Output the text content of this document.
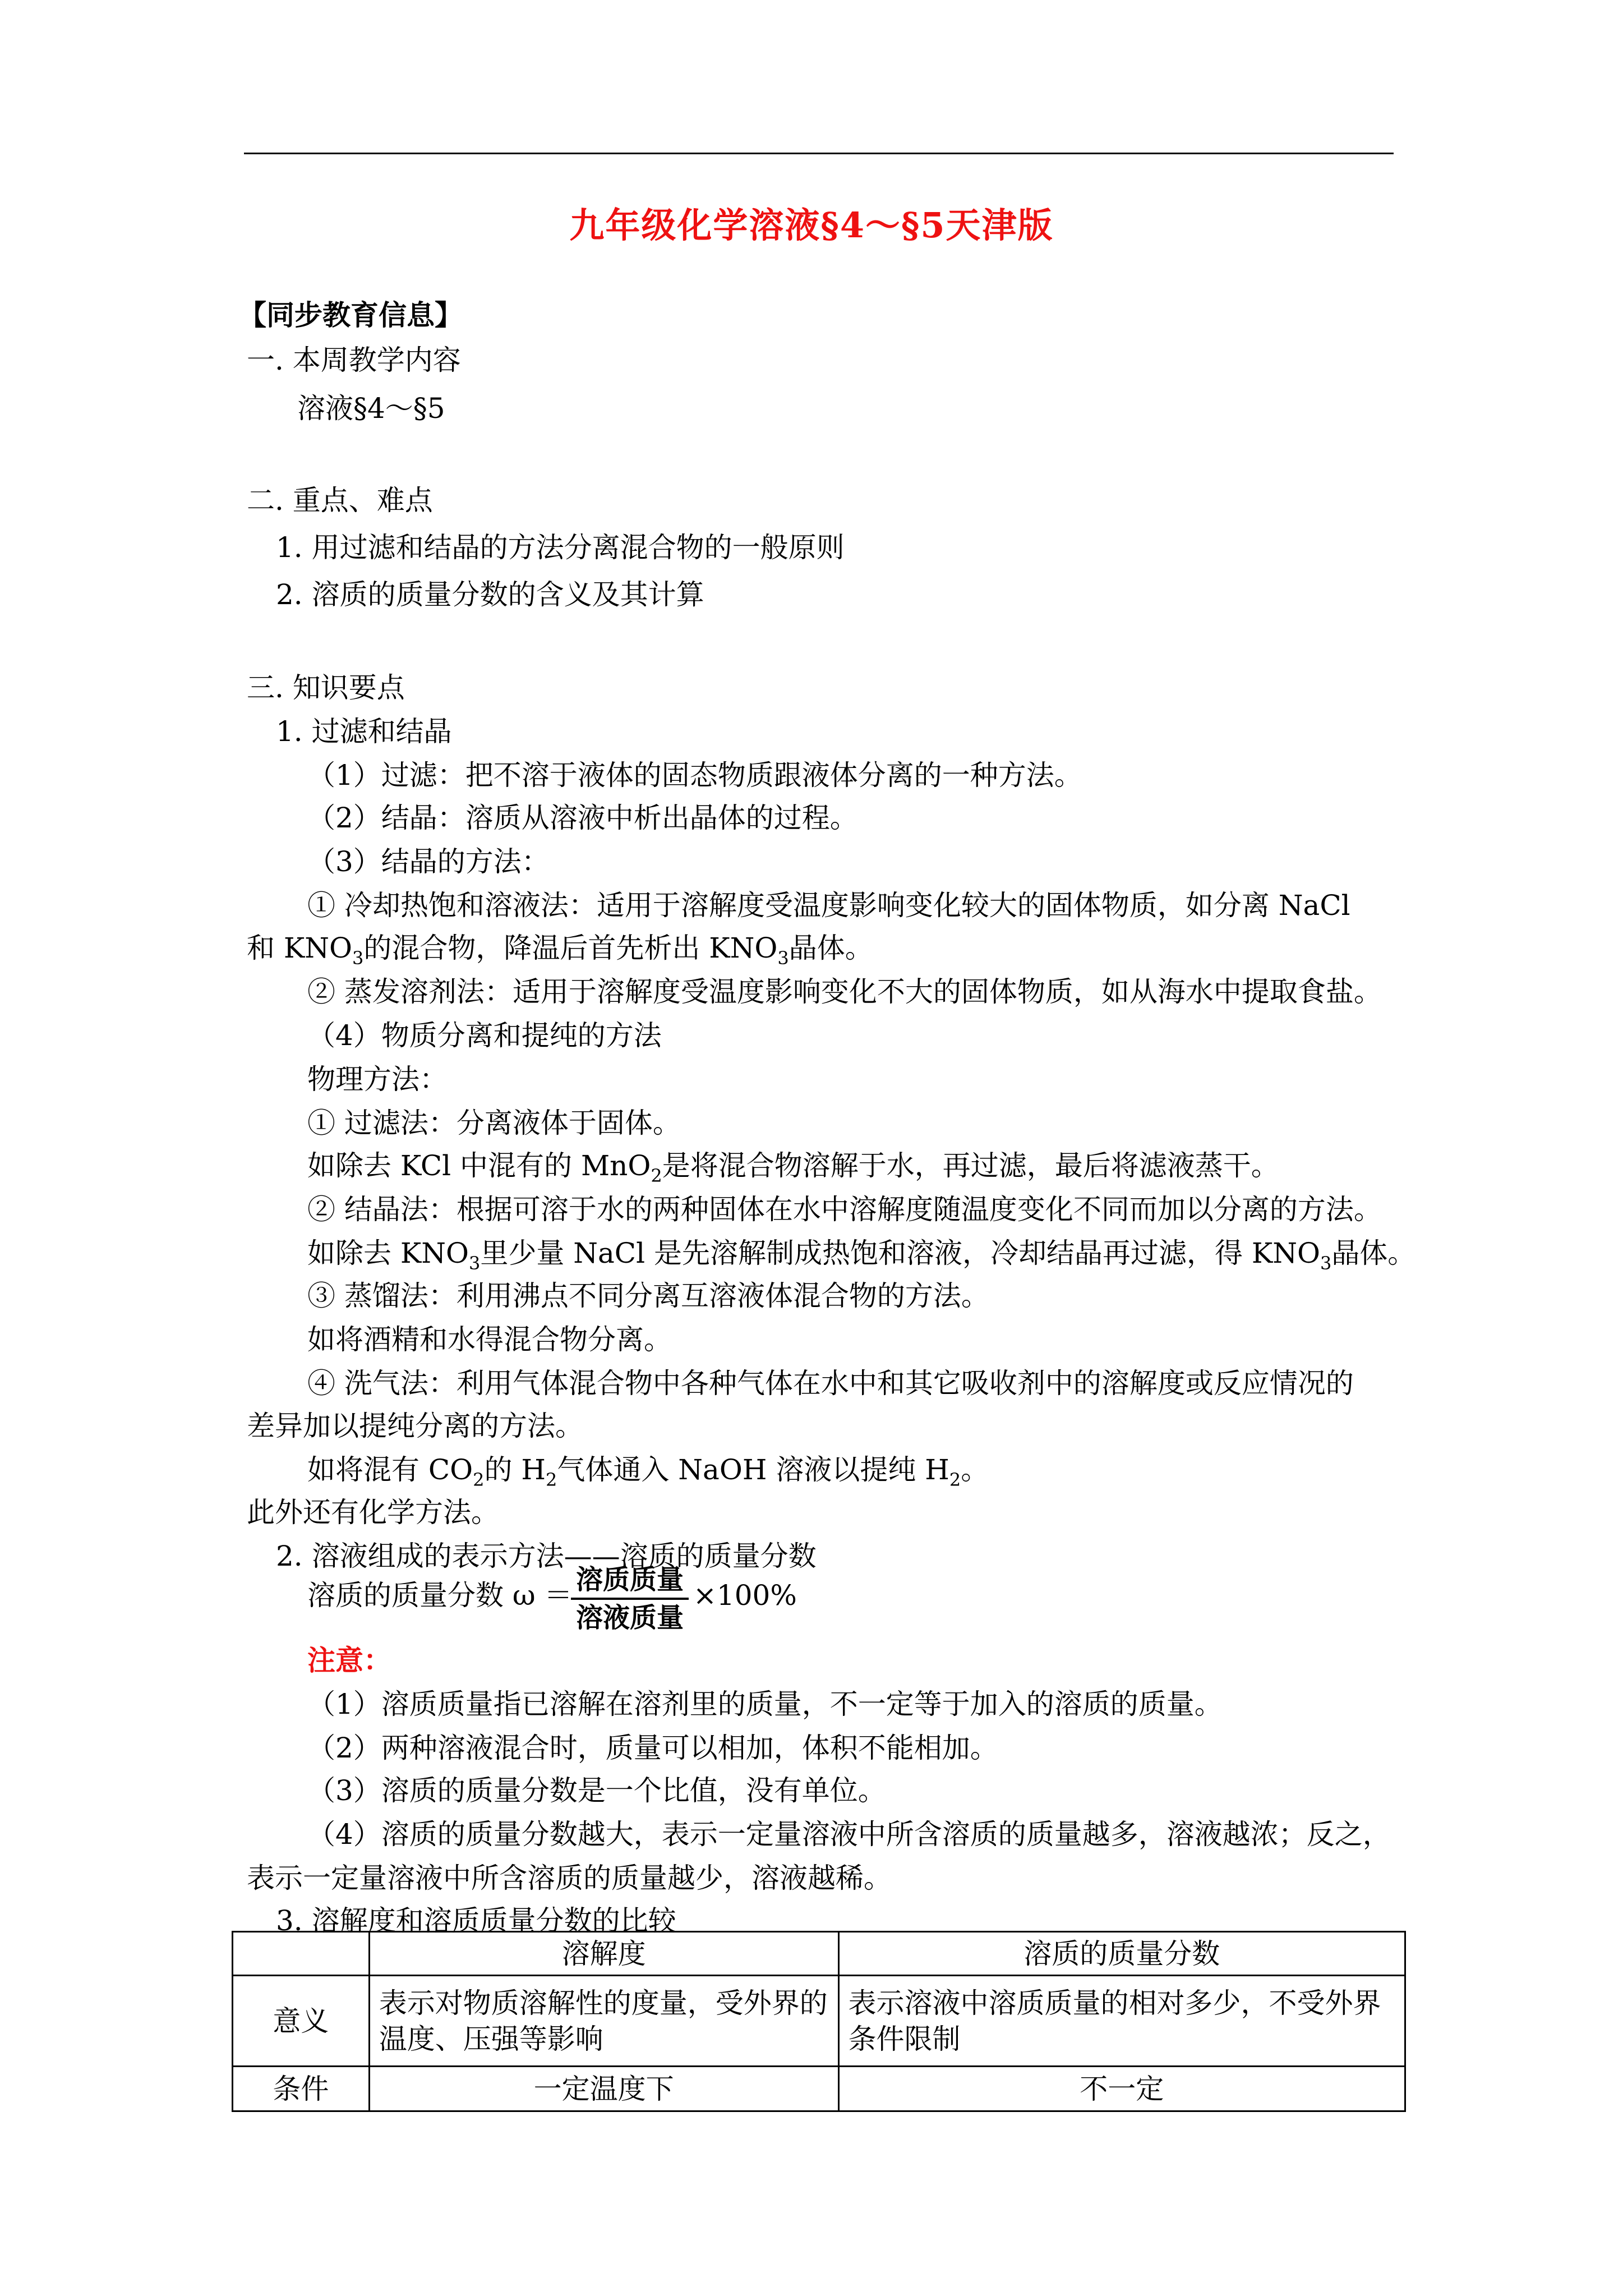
九年级化学溶液§4～§5天津版
【同步教育信息】
一. 本周教学内容
溶液§4～§5
二. 重点、难点
1. 用过滤和结晶的方法分离混合物的一般原则
2. 溶质的质量分数的含义及其计算
三. 知识要点
1. 过滤和结晶
（1）过滤：把不溶于液体的固态物质跟液体分离的一种方法。
（2）结晶：溶质从溶液中析出晶体的过程。
（3）结晶的方法：
① 冷却热饱和溶液法：适用于溶解度受温度影响变化较大的固体物质，如分离 NaCl
和 $KNO_3$的混合物，降温后首先析出 $KNO_3$晶体。
② 蒸发溶剂法：适用于溶解度受温度影响变化不大的固体物质，如从海水中提取食盐。
（4）物质分离和提纯的方法
物理方法：
① 过滤法：分离液体于固体。
如除去 KCl 中混有的 MnO$_2$是将混合物溶解于水，再过滤，最后将滤液蒸干。
② 结晶法：根据可溶于水的两种固体在水中溶解度随温度变化不同而加以分离的方法。
如除去 $KNO_3$里少量 NaCl 是先溶解制成热饱和溶液，冷却结晶再过滤，得 $KNO_3$晶体。
③ 蒸馏法：利用沸点不同分离互溶液体混合物的方法。
如将酒精和水得混合物分离。
④ 洗气法：利用气体混合物中各种气体在水中和其它吸收剂中的溶解度或反应情况的
差异加以提纯分离的方法。
如将混有 $CO_2$的 $H_2$气体通入 NaOH 溶液以提纯 $H_2$。
此外还有化学方法。
2. 溶液组成的表示方法——溶质的质量分数
溶质的质量分数 ω ＝ 溶质质量
溶液质量
×100%
注意：
（1）溶质质量指已溶解在溶剂里的质量，不一定等于加入的溶质的质量。
（2）两种溶液混合时，质量可以相加，体积不能相加。
（3）溶质的质量分数是一个比值，没有单位。
（4）溶质的质量分数越大，表示一定量溶液中所含溶质的质量越多，溶液越浓；反之，
表示一定量溶液中所含溶质的质量越少，溶液越稀。
3. 溶解度和溶质质量分数的比较
	溶解度	溶质的质量分数
意义	表示对物质溶解性的度量，受外界的温度、压强等影响	表示溶液中溶质质量的相对多少，不受外界条件限制
条件	一定温度下	不一定
